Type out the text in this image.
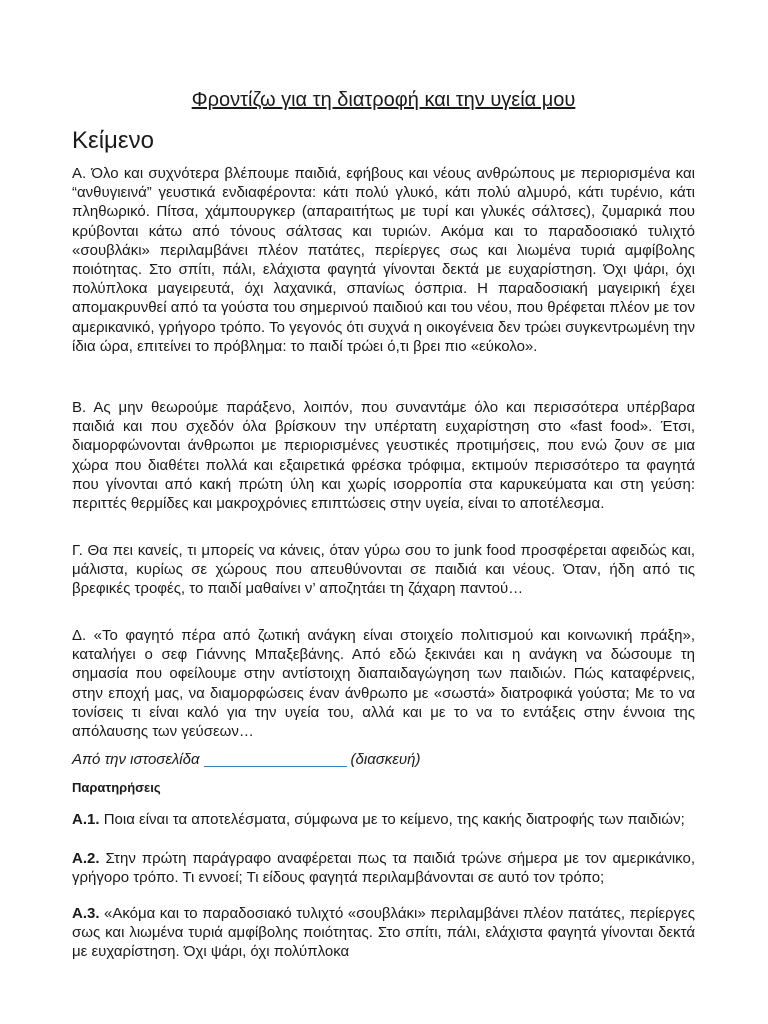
Φροντίζω για τη διατροφή και την υγεία μου
Κείμενο

Α. Όλο και συχνότερα βλέπουμε παιδιά, εφήβους και νέους ανθρώπους με περιορισμένα και “ανθυγιεινά” γευστικά ενδιαφέροντα: κάτι πολύ γλυκό, κάτι πολύ αλμυρό, κάτι τυρένιο, κάτι πληθωρικό. Πίτσα, χάμπουργκερ (απαραιτήτως με τυρί και γλυκές σάλτσες), ζυμαρικά που κρύβονται κάτω από τόνους σάλτσας και τυριών. Ακόμα και το παραδοσιακό τυλιχτό «σουβλάκι» περιλαμβάνει πλέον πατάτες, περίεργες σως και λιωμένα τυριά αμφίβολης ποιότητας. Στο σπίτι, πάλι, ελάχιστα φαγητά γίνονται δεκτά με ευχαρίστηση. Όχι ψάρι, όχι πολύπλοκα μαγειρευτά, όχι λαχανικά, σπανίως όσπρια. Η παραδοσιακή μαγειρική έχει απομακρυνθεί από τα γούστα του σημερινού παιδιού και του νέου, που θρέφεται πλέον με τον αμερικανικό, γρήγορο τρόπο. Το γεγονός ότι συχνά η οικογένεια δεν τρώει συγκεντρωμένη την ίδια ώρα, επιτείνει το πρόβλημα: το παιδί τρώει ό,τι βρει πιο «εύκολο».

Β. Ας μην θεωρούμε παράξενο, λοιπόν, που συναντάμε όλο και περισσότερα υπέρβαρα παιδιά και που σχεδόν όλα βρίσκουν την υπέρτατη ευχαρίστηση στο «fast food». Έτσι, διαμορφώνονται άνθρωποι με περιορισμένες γευστικές προτιμήσεις, που ενώ ζουν σε μια χώρα που διαθέτει πολλά και εξαιρετικά φρέσκα τρόφιμα, εκτιμούν περισσότερο τα φαγητά που γίνονται από κακή πρώτη ύλη και χωρίς ισορροπία στα καρυκεύματα και στη γεύση: περιττές θερμίδες και μακροχρόνιες επιπτώσεις στην υγεία, είναι το αποτέλεσμα.

Γ. Θα πει κανείς, τι μπορείς να κάνεις, όταν γύρω σου το junk food προσφέρεται αφειδώς και, μάλιστα, κυρίως σε χώρους που απευθύνονται σε παιδιά και νέους. Όταν, ήδη από τις βρεφικές τροφές, το παιδί μαθαίνει ν’ αποζητάει τη ζάχαρη παντού…

Δ. «Το φαγητό πέρα από ζωτική ανάγκη είναι στοιχείο πολιτισμού και κοινωνική πράξη», καταλήγει ο σεφ Γιάννης Μπαξεβάνης. Από εδώ ξεκινάει και η ανάγκη να δώσουμε τη σημασία που οφείλουμε στην αντίστοιχη διαπαιδαγώγηση των παιδιών. Πώς καταφέρνεις, στην εποχή μας, να διαμορφώσεις έναν άνθρωπο με «σωστά» διατροφικά γούστα; Με το να τονίσεις τι είναι καλό για την υγεία του, αλλά και με το να το εντάξεις στην έννοια της απόλαυσης των γεύσεων…

Από την ιστοσελίδα	(διασκευή)

Παρατηρήσεις

Α.1. Ποια είναι τα αποτελέσματα, σύμφωνα με το κείμενο, της κακής διατροφής των παιδιών;

Α.2. Στην πρώτη παράγραφο αναφέρεται πως τα παιδιά τρώνε σήμερα με τον αμερικάνικο, γρήγορο τρόπο. Τι εννοεί; Τι είδους φαγητά περιλαμβάνονται σε αυτό τον τρόπο;

Α.3. «Ακόμα και το παραδοσιακό τυλιχτό «σουβλάκι» περιλαμβάνει πλέον πατάτες, περίεργες σως και λιωμένα τυριά αμφίβολης ποιότητας. Στο σπίτι, πάλι, ελάχιστα φαγητά γίνονται δεκτά με ευχαρίστηση. Όχι ψάρι, όχι πολύπλοκα
